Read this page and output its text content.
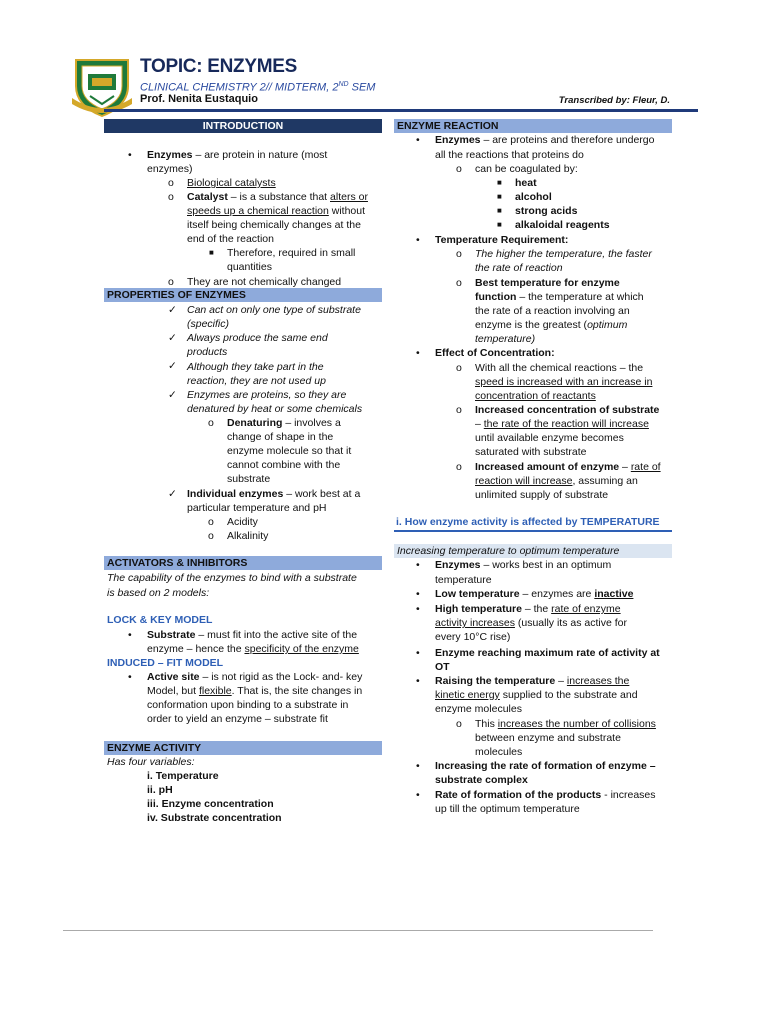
TOPIC: ENZYMES
CLINICAL CHEMISTRY 2// MIDTERM, 2ND SEM
Prof. Nenita Eustaquio	Transcribed by: Fleur, D.
INTRODUCTION
• Enzymes – are protein in nature (most
enzymes)
o Biological catalysts
o Catalyst – is a substance that alters or
speeds up a chemical reaction without
itself being chemically changes at the
end of the reaction
■ Therefore, required in small
quantities
o They are not chemically changed
PROPERTIES OF ENZYMES
✓ Can act on only one type of substrate
(specific)
✓ Always produce the same end
products
✓ Although they take part in the
reaction, they are not used up
✓ Enzymes are proteins, so they are
denatured by heat or some chemicals
o Denaturing – involves a
change of shape in the
enzyme molecule so that it
cannot combine with the
substrate
✓ Individual enzymes – work best at a
particular temperature and pH
o Acidity
o Alkalinity
ACTIVATORS & INHIBITORS
The capability of the enzymes to bind with a substrate
is based on 2 models:
LOCK & KEY MODEL
• Substrate – must fit into the active site of the
enzyme – hence the specificity of the enzyme
INDUCED – FIT MODEL
• Active site – is not rigid as the Lock- and- key
Model, but flexible. That is, the site changes in
conformation upon binding to a substrate in
order to yield an enzyme – substrate fit
ENZYME ACTIVITY
Has four variables:
i. Temperature
ii. pH
iii. Enzyme concentration
iv. Substrate concentration
ENZYME REACTION
• Enzymes – are proteins and therefore undergo
all the reactions that proteins do
o can be coagulated by:
■ heat
■ alcohol
■ strong acids
■ alkaloidal reagents
• Temperature Requirement:
o The higher the temperature, the faster
the rate of reaction
o Best temperature for enzyme
function – the temperature at which
the rate of a reaction involving an
enzyme is the greatest (optimum
temperature)
• Effect of Concentration:
o With all the chemical reactions – the
speed is increased with an increase in
concentration of reactants
o Increased concentration of substrate
– the rate of the reaction will increase
until available enzyme becomes
saturated with substrate
o Increased amount of enzyme – rate of
reaction will increase, assuming an
unlimited supply of substrate
i. How enzyme activity is affected by TEMPERATURE
Increasing temperature to optimum temperature
• Enzymes – works best in an optimum
temperature
• Low temperature – enzymes are inactive
• High temperature – the rate of enzyme
activity increases (usually its as active for
every 10°C rise)
• Enzyme reaching maximum rate of activity at
OT
• Raising the temperature – increases the
kinetic energy supplied to the substrate and
enzyme molecules
o This increases the number of collisions
between enzyme and substrate
molecules
• Increasing the rate of formation of enzyme –
substrate complex
• Rate of formation of the products - increases
up till the optimum temperature
